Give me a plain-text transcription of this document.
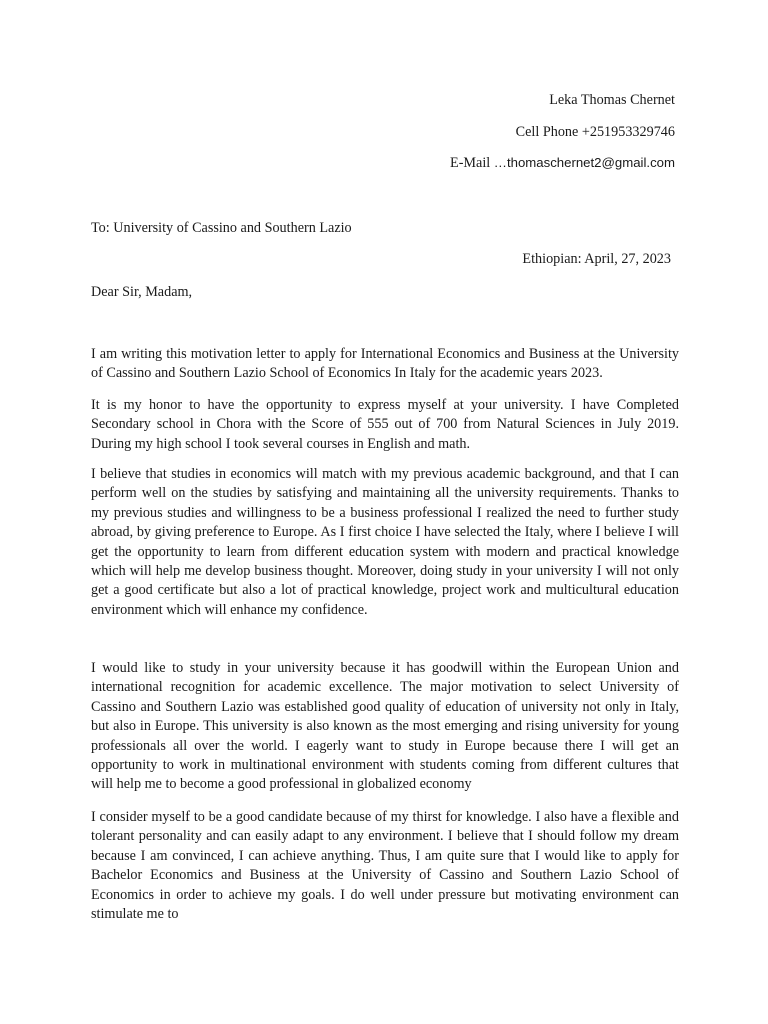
Leka Thomas Chernet
Cell Phone +251953329746
E-Mail …thomaschernet2@gmail.com
To: University of Cassino and Southern Lazio
Ethiopian: April, 27, 2023
Dear Sir, Madam,

I am writing this motivation letter to apply for International Economics and Business at the University of Cassino and Southern Lazio School of Economics In Italy for the academic years 2023.

It is my honor to have the opportunity to express myself at your university. I have Completed Secondary school in Chora with the Score of 555 out of 700 from Natural Sciences in July 2019. During my high school I took several courses in English and math.

I believe that studies in economics will match with my previous academic background, and that I can perform well on the studies by satisfying and maintaining all the university requirements. Thanks to my previous studies and willingness to be a business professional I realized the need to further study abroad, by giving preference to Europe. As I first choice I have selected the Italy, where I believe I will get the opportunity to learn from different education system with modern and practical knowledge which will help me develop business thought. Moreover, doing study in your university I will not only get a good certificate but also a lot of practical knowledge, project work and multicultural education environment which will enhance my confidence.

I would like to study in your university because it has goodwill within the European Union and international recognition for academic excellence. The major motivation to select University of Cassino and Southern Lazio was established good quality of education of university not only in Italy, but also in Europe. This university is also known as the most emerging and rising university for young professionals all over the world. I eagerly want to study in Europe because there I will get an opportunity to work in multinational environment with students coming from different cultures that will help me to become a good professional in globalized economy

I consider myself to be a good candidate because of my thirst for knowledge. I also have a flexible and tolerant personality and can easily adapt to any environment. I believe that I should follow my dream because I am convinced, I can achieve anything. Thus, I am quite sure that I would like to apply for Bachelor Economics and Business at the University of Cassino and Southern Lazio School of Economics in order to achieve my goals. I do well under pressure but motivating environment can stimulate me to
